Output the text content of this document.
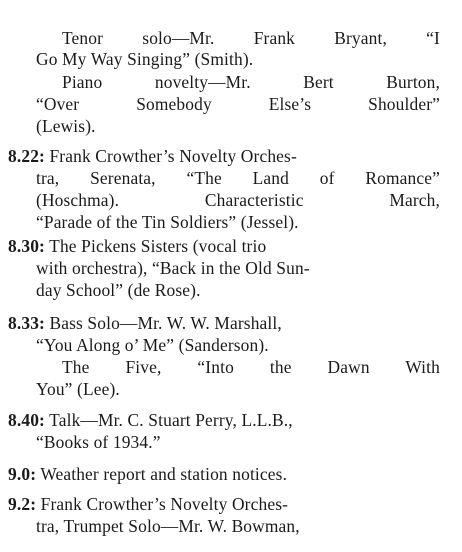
Tenor solo—Mr. Frank Bryant, “I
Go My Way Singing” (Smith).
Piano novelty—Mr. Bert Burton,
“Over Somebody Else’s Shoulder”
(Lewis).
8.22: Frank Crowther’s Novelty Orches-
tra, Serenata, “The Land of Romance”
(Hoschma). Characteristic March,
“Parade of the Tin Soldiers” (Jessel).
8.30: The Pickens Sisters (vocal trio
with orchestra), “Back in the Old Sun-
day School” (de Rose).
8.33: Bass Solo—Mr. W. W. Marshall,
“You Along o’ Me” (Sanderson).
The Five, “Into the Dawn With
You” (Lee).
8.40: Talk—Mr. C. Stuart Perry, L.L.B.,
“Books of 1934.”
9.0: Weather report and station notices.
9.2: Frank Crowther’s Novelty Orches-
tra, Trumpet Solo—Mr. W. Bowman,
